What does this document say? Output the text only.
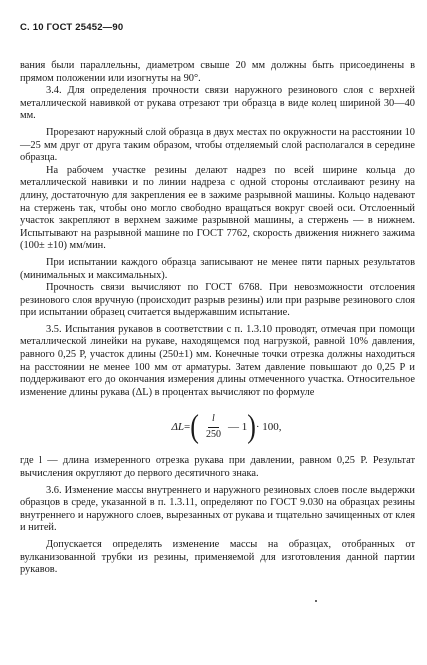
С. 10 ГОСТ 25452—90

вания были параллельны, диаметром свыше 20 мм должны быть присоединены в прямом положении или изогнуты на 90°.

3.4. Для определения прочности связи наружного резинового слоя с верхней металлической навивкой от рукава отрезают три образца в виде колец шириной 30—40 мм.

Прорезают наружный слой образца в двух местах по окружности на расстоянии 10—25 мм друг от друга таким образом, чтобы отделяемый слой располагался в середине образца.

На рабочем участке резины делают надрез по всей ширине кольца до металлической навивки и по линии надреза с одной стороны отслаивают резину на длину, достаточную для закрепления ее в зажиме разрывной машины. Кольцо надевают на стержень так, чтобы оно могло свободно вращаться вокруг своей оси. Отслоенный участок закрепляют в верхнем зажиме разрывной машины, а стержень — в нижнем. Испытывают на разрывной машине по ГОСТ 7762, скорость движения нижнего зажима (100± ±10) мм/мин.

При испытании каждого образца записывают не менее пяти парных результатов (минимальных и максимальных).

Прочность связи вычисляют по ГОСТ 6768. При невозможности отслоения резинового слоя вручную (происходит разрыв резины) или при разрыве резинового слоя при испытании образец считается выдержавшим испытание.

3.5. Испытания рукавов в соответствии с п. 1.3.10 проводят, отмечая при помощи металлической линейки на рукаве, находящемся под нагрузкой, равной 10% давления, равного 0,25 P, участок длины (250±1) мм. Конечные точки отрезка должны находиться на расстоянии не менее 100 мм от арматуры. Затем давление повышают до 0,25 P и поддерживают его до окончания измерения длины отмеченного участка. Относительное изменение длины рукава (ΔL) в процентах вычисляют по формуле

ΔL = ( $\frac{l}{250}$ — 1 ) · 100,

где l — длина измеренного отрезка рукава при давлении, равном 0,25 P. Результат вычисления округляют до первого десятичного знака.

3.6. Изменение массы внутреннего и наружного резиновых слоев после выдержки образцов в среде, указанной в п. 1.3.11, определяют по ГОСТ 9.030 на образцах резины внутреннего и наружного слоев, вырезанных от рукава и тщательно зачищенных от клея и нитей.

Допускается определять изменение массы на образцах, отобранных от вулканизованной трубки из резины, применяемой для изготовления данной партии рукавов.
